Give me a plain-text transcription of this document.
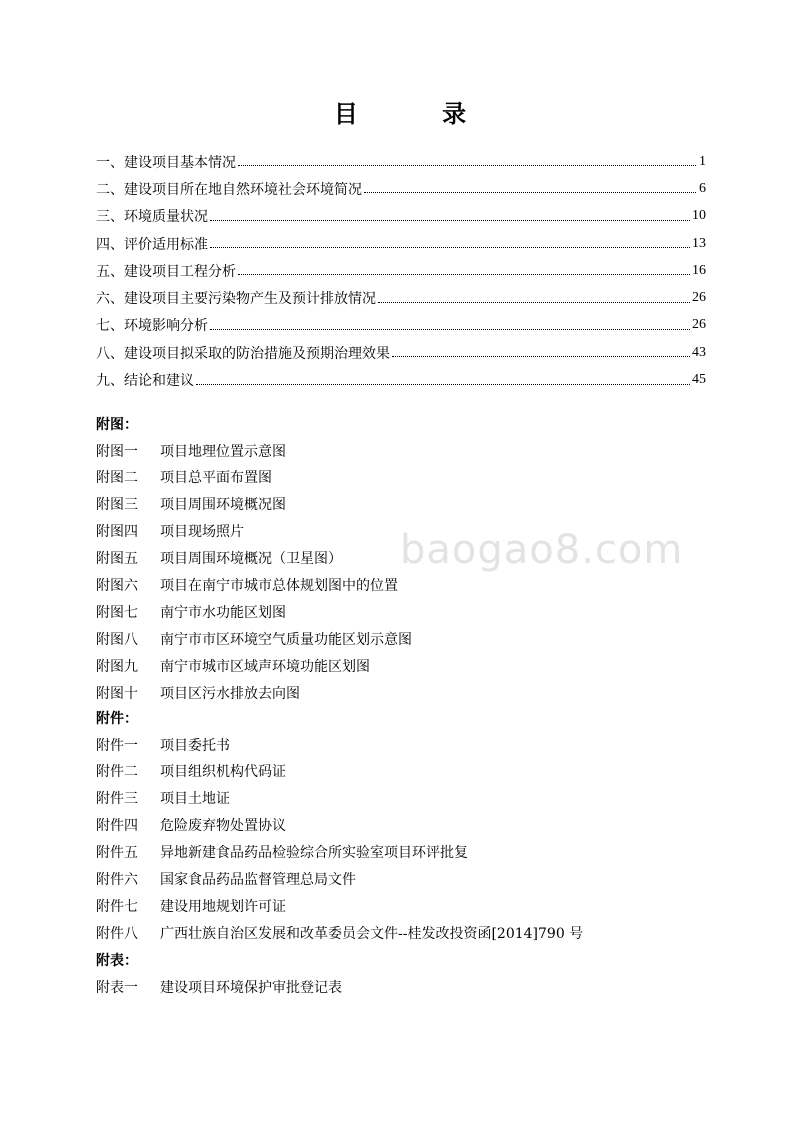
目 录
一、建设项目基本情况	1
二、建设项目所在地自然环境社会环境简况	6
三、环境质量状况	10
四、评价适用标准	13
五、建设项目工程分析	16
六、建设项目主要污染物产生及预计排放情况	26
七、环境影响分析	26
八、建设项目拟采取的防治措施及预期治理效果	43
九、结论和建议	45
附图：
附图一	项目地理位置示意图
附图二	项目总平面布置图
附图三	项目周围环境概况图
附图四	项目现场照片
附图五	项目周围环境概况（卫星图）
附图六	项目在南宁市城市总体规划图中的位置
附图七	南宁市水功能区划图
附图八	南宁市市区环境空气质量功能区划示意图
附图九	南宁市城市区域声环境功能区划图
附图十	项目区污水排放去向图
附件：
附件一	项目委托书
附件二	项目组织机构代码证
附件三	项目土地证
附件四	危险废弃物处置协议
附件五	异地新建食品药品检验综合所实验室项目环评批复
附件六	国家食品药品监督管理总局文件
附件七	建设用地规划许可证
附件八	广西壮族自治区发展和改革委员会文件--桂发改投资函[2014]790 号
附表：
附表一	建设项目环境保护审批登记表
baogao8.com
